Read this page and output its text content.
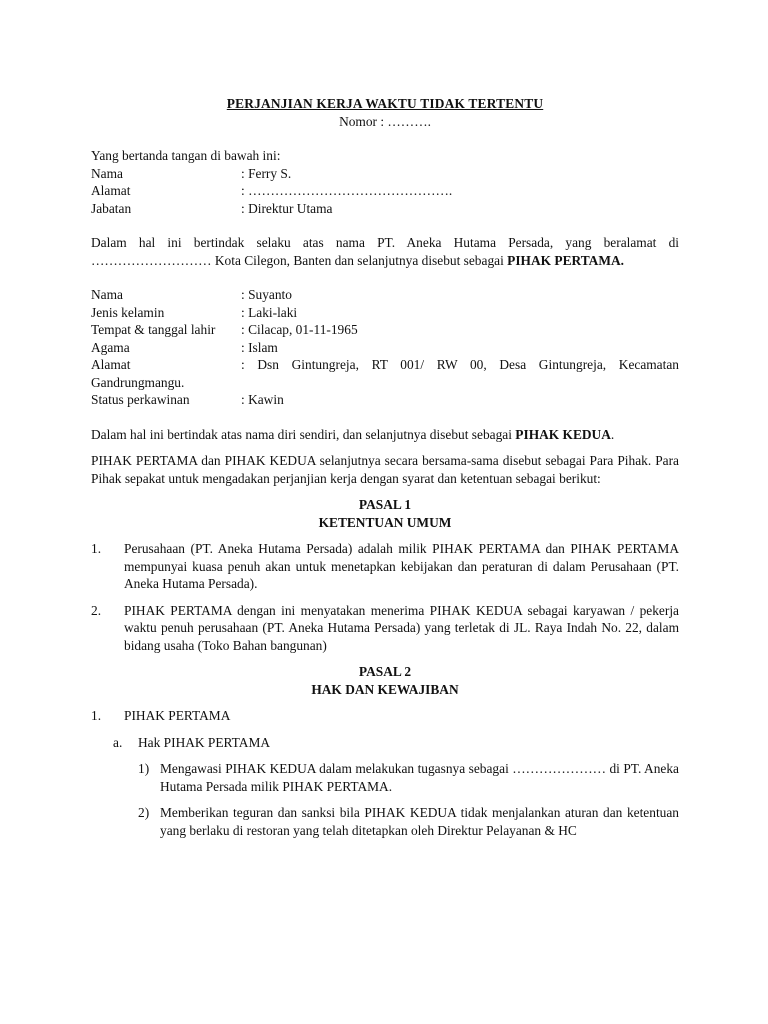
PERJANJIAN KERJA WAKTU TIDAK TERTENTU
Nomor : ……….
Yang bertanda tangan di bawah ini:
Nama	: Ferry S.
Alamat	: ……………………………………….
Jabatan	: Direktur Utama
Dalam hal ini bertindak selaku atas nama PT. Aneka Hutama Persada, yang beralamat di ……………………… Kota Cilegon, Banten dan selanjutnya disebut sebagai PIHAK PERTAMA.
Nama	: Suyanto
Jenis kelamin	: Laki-laki
Tempat & tanggal lahir	: Cilacap, 01-11-1965
Agama	: Islam
Alamat	: Dsn Gintungreja, RT 001/ RW 00, Desa Gintungreja, Kecamatan
Gandrungmangu.
Status perkawinan	: Kawin
Dalam hal ini bertindak atas nama diri sendiri, dan selanjutnya disebut sebagai PIHAK KEDUA.
PIHAK PERTAMA dan PIHAK KEDUA selanjutnya secara bersama-sama disebut sebagai Para Pihak. Para Pihak sepakat untuk mengadakan perjanjian kerja dengan syarat dan ketentuan sebagai berikut:
PASAL 1
KETENTUAN UMUM
1.	Perusahaan (PT. Aneka Hutama Persada) adalah milik PIHAK PERTAMA dan PIHAK PERTAMA mempunyai kuasa penuh akan untuk menetapkan kebijakan dan peraturan di dalam Perusahaan (PT. Aneka Hutama Persada).
2.	PIHAK PERTAMA dengan ini menyatakan menerima PIHAK KEDUA sebagai karyawan / pekerja waktu penuh perusahaan (PT. Aneka Hutama Persada) yang terletak di JL. Raya Indah No. 22, dalam bidang usaha (Toko Bahan bangunan)
PASAL 2
HAK DAN KEWAJIBAN
1.	PIHAK PERTAMA
a.	Hak PIHAK PERTAMA
1) Mengawasi PIHAK KEDUA dalam melakukan tugasnya sebagai ………………… di PT. Aneka Hutama Persada milik PIHAK PERTAMA.
2) Memberikan teguran dan sanksi bila PIHAK KEDUA tidak menjalankan aturan dan ketentuan yang berlaku di restoran yang telah ditetapkan oleh Direktur Pelayanan & HC
